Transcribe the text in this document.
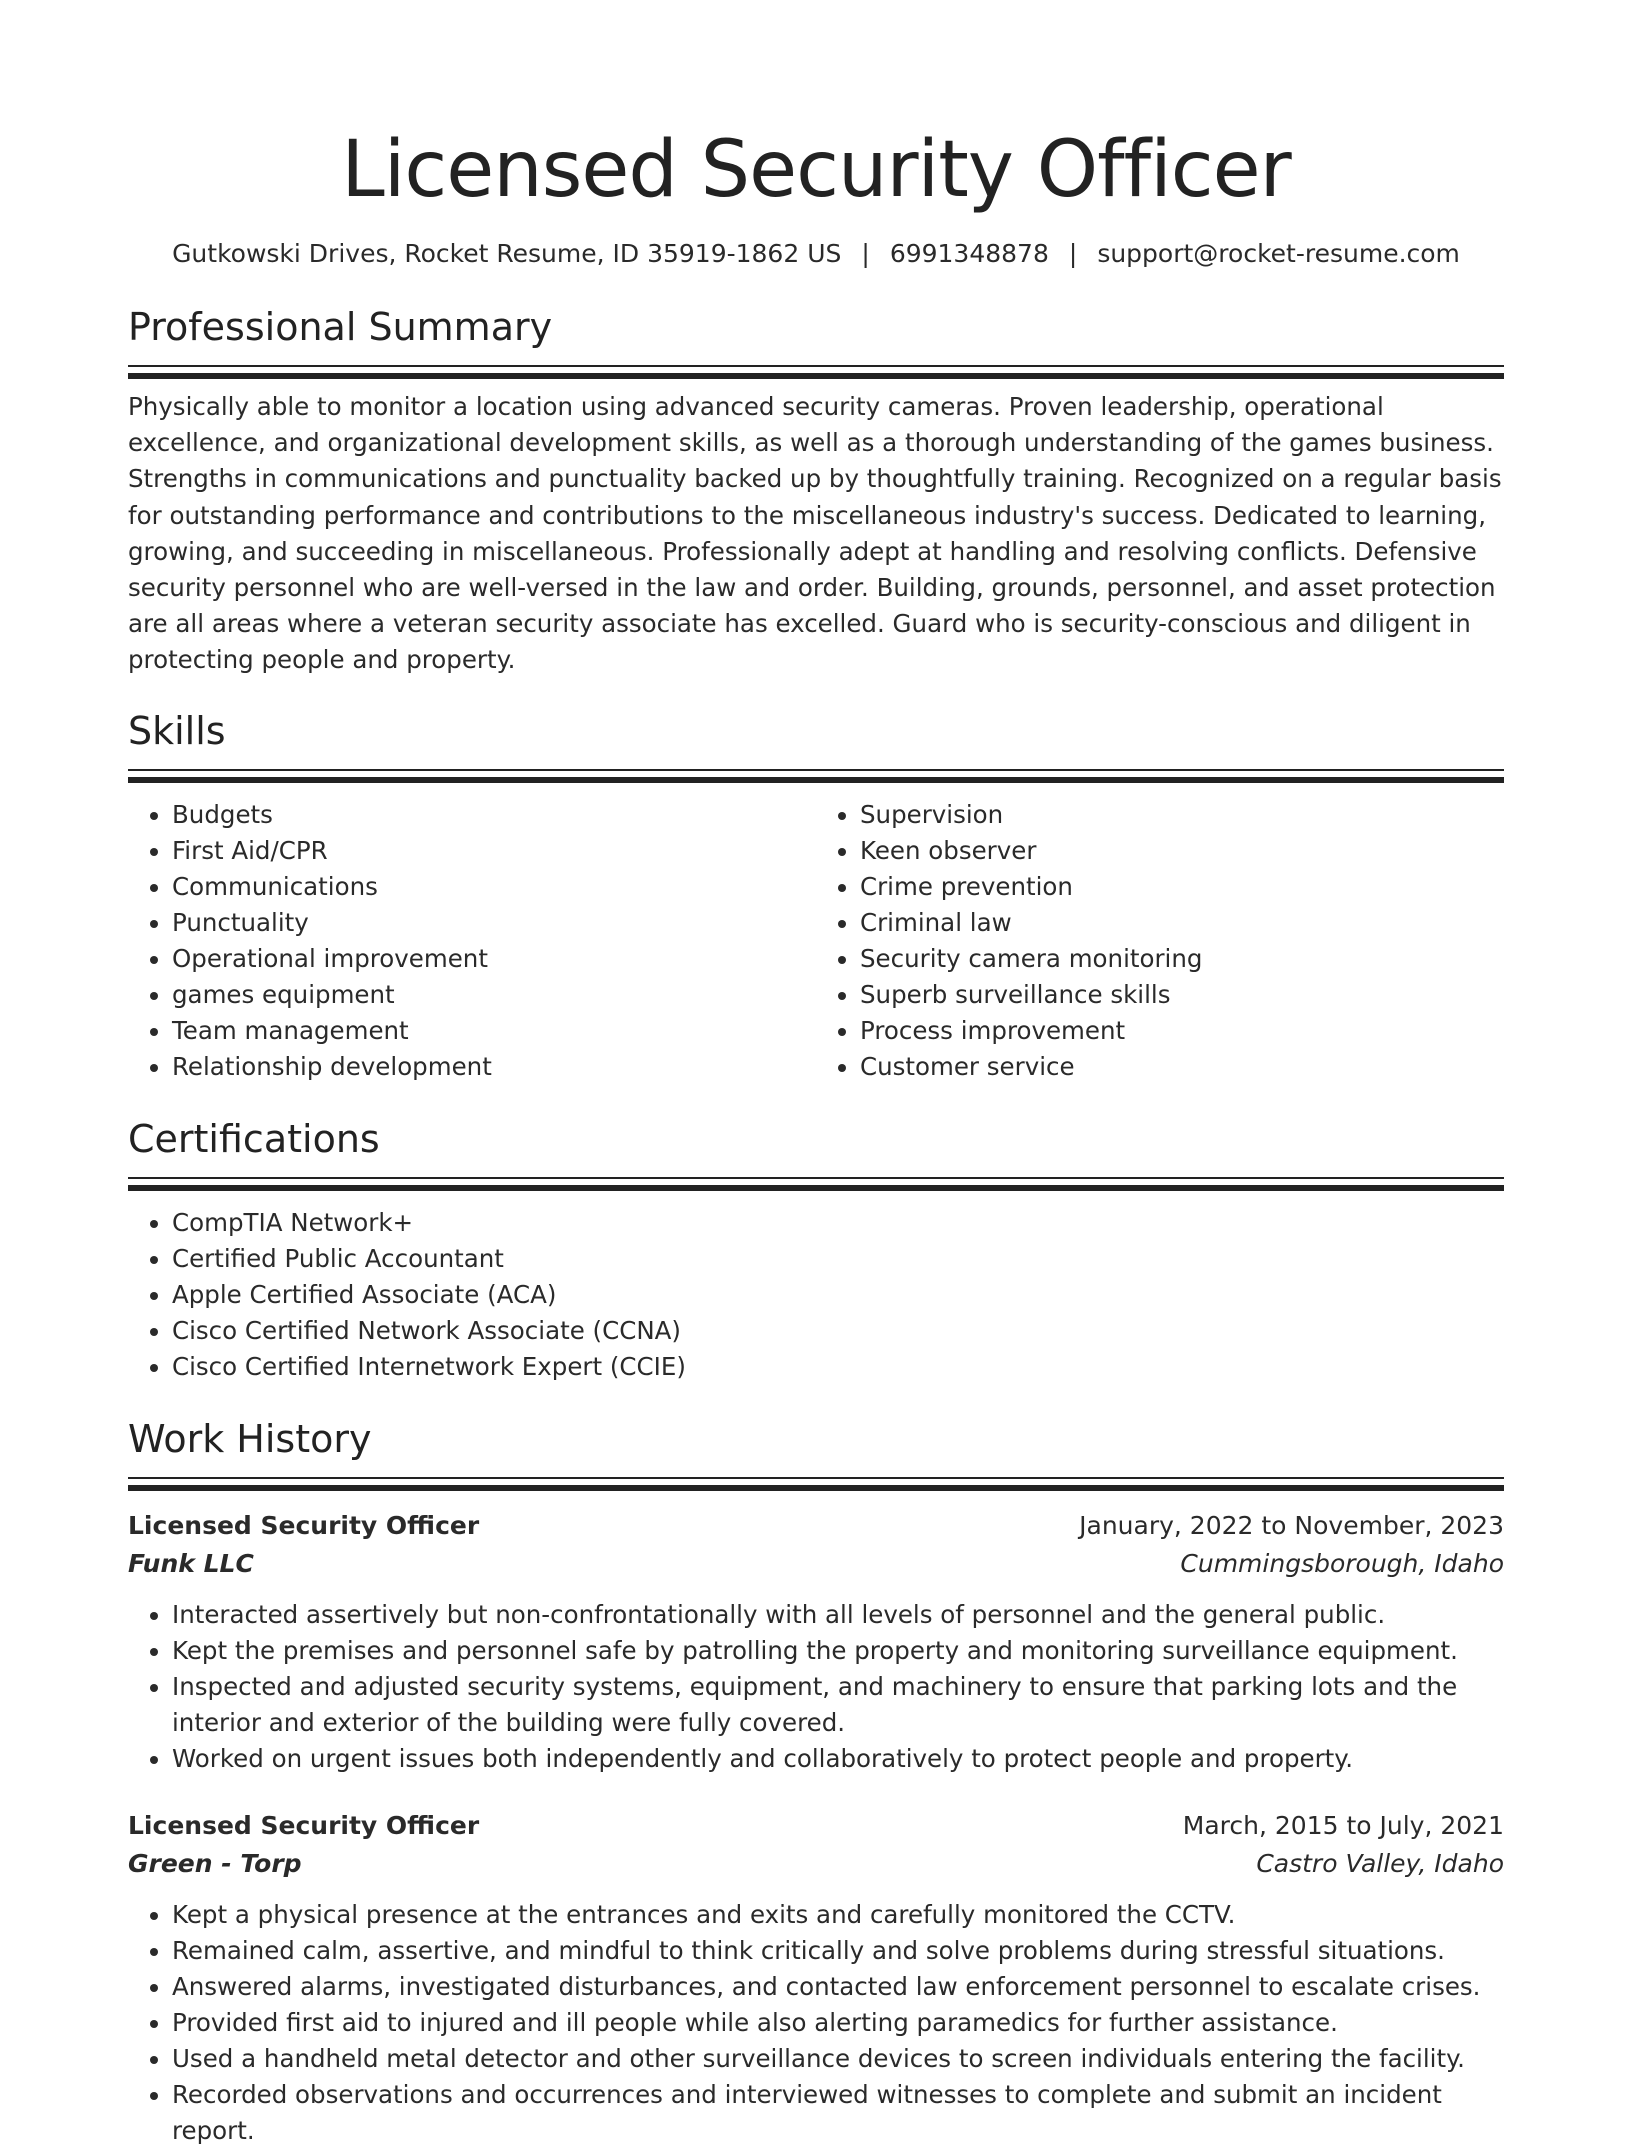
Licensed Security Officer
Gutkowski Drives, Rocket Resume, ID 35919-1862 US | 6991348878 | support@rocket-resume.com
Professional Summary

Physically able to monitor a location using advanced security cameras. Proven leadership, operational excellence, and organizational development skills, as well as a thorough understanding of the games business. Strengths in communications and punctuality backed up by thoughtfully training. Recognized on a regular basis for outstanding performance and contributions to the miscellaneous industry's success. Dedicated to learning, growing, and succeeding in miscellaneous. Professionally adept at handling and resolving conflicts. Defensive security personnel who are well-versed in the law and order. Building, grounds, personnel, and asset protection are all areas where a veteran security associate has excelled. Guard who is security-conscious and diligent in protecting people and property.

Skills
• Budgets
• First Aid/CPR
• Communications
• Punctuality
• Operational improvement
• games equipment
• Team management
• Relationship development
• Supervision
• Keen observer
• Crime prevention
• Criminal law
• Security camera monitoring
• Superb surveillance skills
• Process improvement
• Customer service
Certifications
• CompTIA Network+
• Certified Public Accountant
• Apple Certified Associate (ACA)
• Cisco Certified Network Associate (CCNA)
• Cisco Certified Internetwork Expert (CCIE)
Work History
Licensed Security Officer	January, 2022 to November, 2023
Funk LLC	Cummingsborough, Idaho
• Interacted assertively but non-confrontationally with all levels of personnel and the general public.
• Kept the premises and personnel safe by patrolling the property and monitoring surveillance equipment.
• Inspected and adjusted security systems, equipment, and machinery to ensure that parking lots and the interior and exterior of the building were fully covered.
• Worked on urgent issues both independently and collaboratively to protect people and property.
Licensed Security Officer	March, 2015 to July, 2021
Green - Torp	Castro Valley, Idaho
• Kept a physical presence at the entrances and exits and carefully monitored the CCTV.
• Remained calm, assertive, and mindful to think critically and solve problems during stressful situations.
• Answered alarms, investigated disturbances, and contacted law enforcement personnel to escalate crises.
• Provided first aid to injured and ill people while also alerting paramedics for further assistance.
• Used a handheld metal detector and other surveillance devices to screen individuals entering the facility.
• Recorded observations and occurrences and interviewed witnesses to complete and submit an incident report.
